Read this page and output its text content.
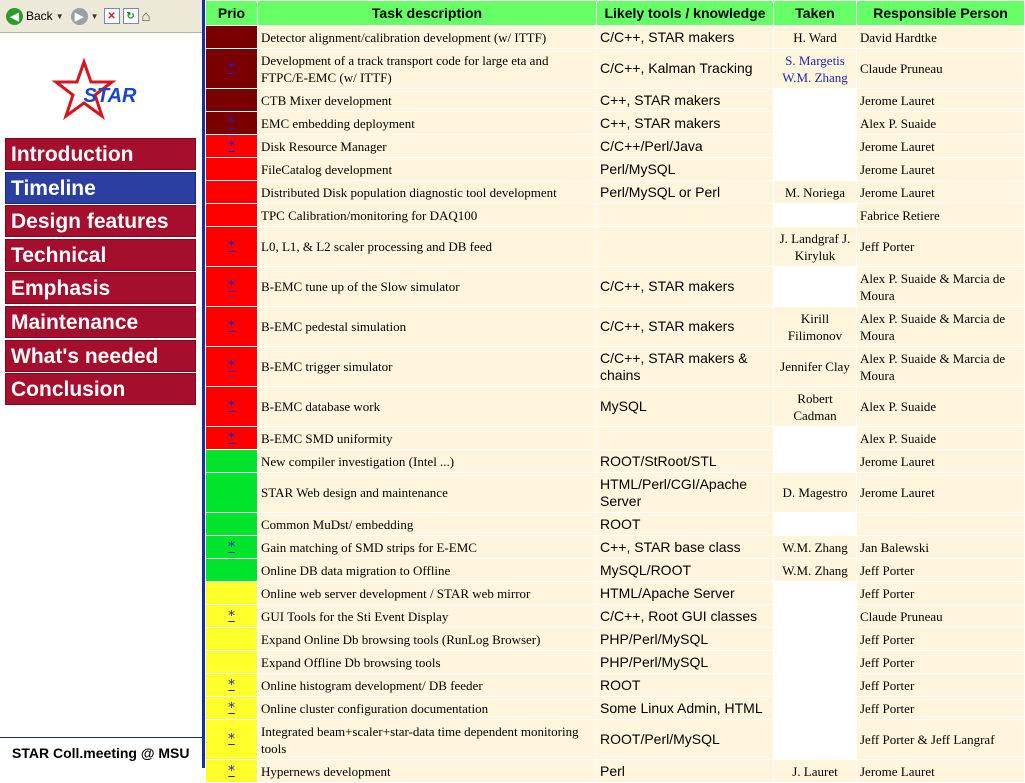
◀ Back ▼	▶ ▼ ✕	↻ ⌂
STAR
Introduction
Timeline
Design features
Technical
Emphasis
Maintenance
What's needed
Conclusion
STAR Coll.meeting @ MSU
Prio	Task description	Likely tools / knowledge	Taken	Responsible Person
	Detector alignment/calibration development (w/ ITTF)	C/C++, STAR makers	H. Ward	David Hardtke
*	Development of a track transport code for large eta and FTPC/E-EMC (w/ ITTF)	C/C++, Kalman Tracking	S. Margetis W.M. Zhang	Claude Pruneau
	CTB Mixer development	C++, STAR makers		Jerome Lauret
*	EMC embedding deployment	C++, STAR makers		Alex P. Suaide
*	Disk Resource Manager	C/C++/Perl/Java		Jerome Lauret
	FileCatalog development	Perl/MySQL		Jerome Lauret
	Distributed Disk population diagnostic tool development	Perl/MySQL or Perl	M. Noriega	Jerome Lauret
	TPC Calibration/monitoring for DAQ100			Fabrice Retiere
*	L0, L1, & L2 scaler processing and DB feed		J. Landgraf J. Kiryluk	Jeff Porter
*	B-EMC tune up of the Slow simulator	C/C++, STAR makers		Alex P. Suaide & Marcia de Moura
*	B-EMC pedestal simulation	C/C++, STAR makers	Kirill Filimonov	Alex P. Suaide & Marcia de Moura
*	B-EMC trigger simulator	C/C++, STAR makers & chains	Jennifer Clay	Alex P. Suaide & Marcia de Moura
*	B-EMC database work	MySQL	Robert Cadman	Alex P. Suaide
*	B-EMC SMD uniformity			Alex P. Suaide
	New compiler investigation (Intel ...)	ROOT/StRoot/STL		Jerome Lauret
	STAR Web design and maintenance	HTML/Perl/CGI/Apache Server	D. Magestro	Jerome Lauret
	Common MuDst/ embedding	ROOT		
*	Gain matching of SMD strips for E-EMC	C++, STAR base class	W.M. Zhang	Jan Balewski
	Online DB data migration to Offline	MySQL/ROOT	W.M. Zhang	Jeff Porter
	Online web server development / STAR web mirror	HTML/Apache Server		Jeff Porter
*	GUI Tools for the Sti Event Display	C/C++, Root GUI classes		Claude Pruneau
	Expand Online Db browsing tools (RunLog Browser)	PHP/Perl/MySQL		Jeff Porter
	Expand Offline Db browsing tools	PHP/Perl/MySQL		Jeff Porter
*	Online histogram development/ DB feeder	ROOT		Jeff Porter
*	Online cluster configuration documentation	Some Linux Admin, HTML		Jeff Porter
*	Integrated beam+scaler+star-data time dependent monitoring tools	ROOT/Perl/MySQL		Jeff Porter & Jeff Langraf
*	Hypernews development	Perl	J. Lauret	Jerome Lauret
